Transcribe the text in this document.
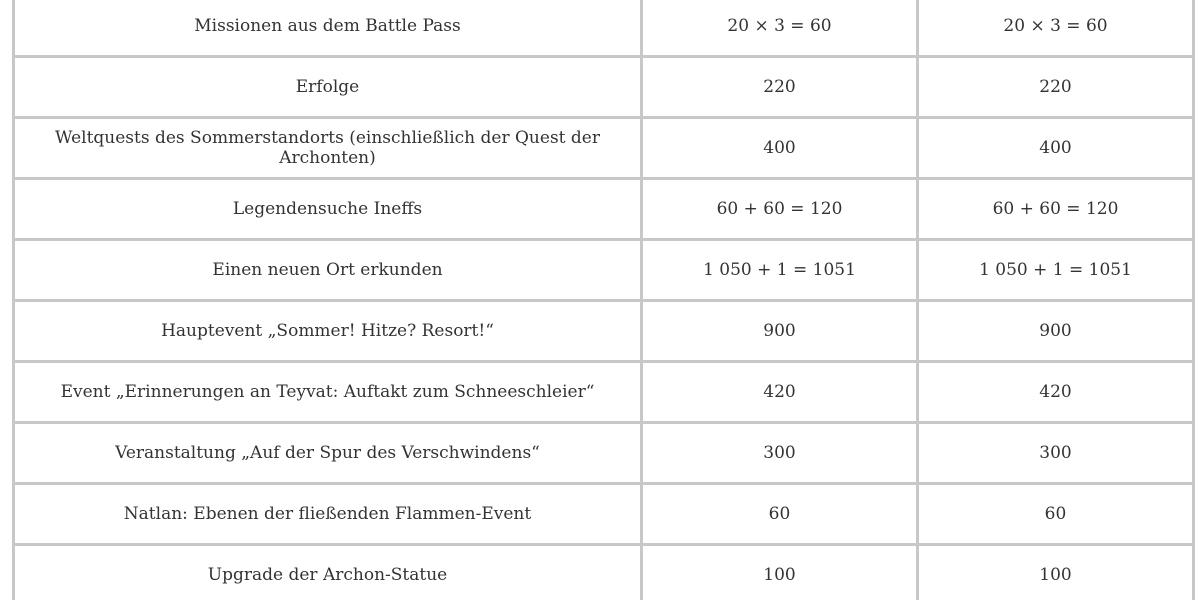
Missionen aus dem Battle Pass	20 × 3 = 60	20 × 3 = 60
Erfolge	220	220
Weltquests des Sommerstandorts (einschließlich der Quest der Archonten)	400	400
Legendensuche Ineffs	60 + 60 = 120	60 + 60 = 120
Einen neuen Ort erkunden	1 050 + 1 = 1051	1 050 + 1 = 1051
Hauptevent „Sommer! Hitze? Resort!“	900	900
Event „Erinnerungen an Teyvat: Auftakt zum Schneeschleier“	420	420
Veranstaltung „Auf der Spur des Verschwindens“	300	300
Natlan: Ebenen der fließenden Flammen-Event	60	60
Upgrade der Archon-Statue	100	100
